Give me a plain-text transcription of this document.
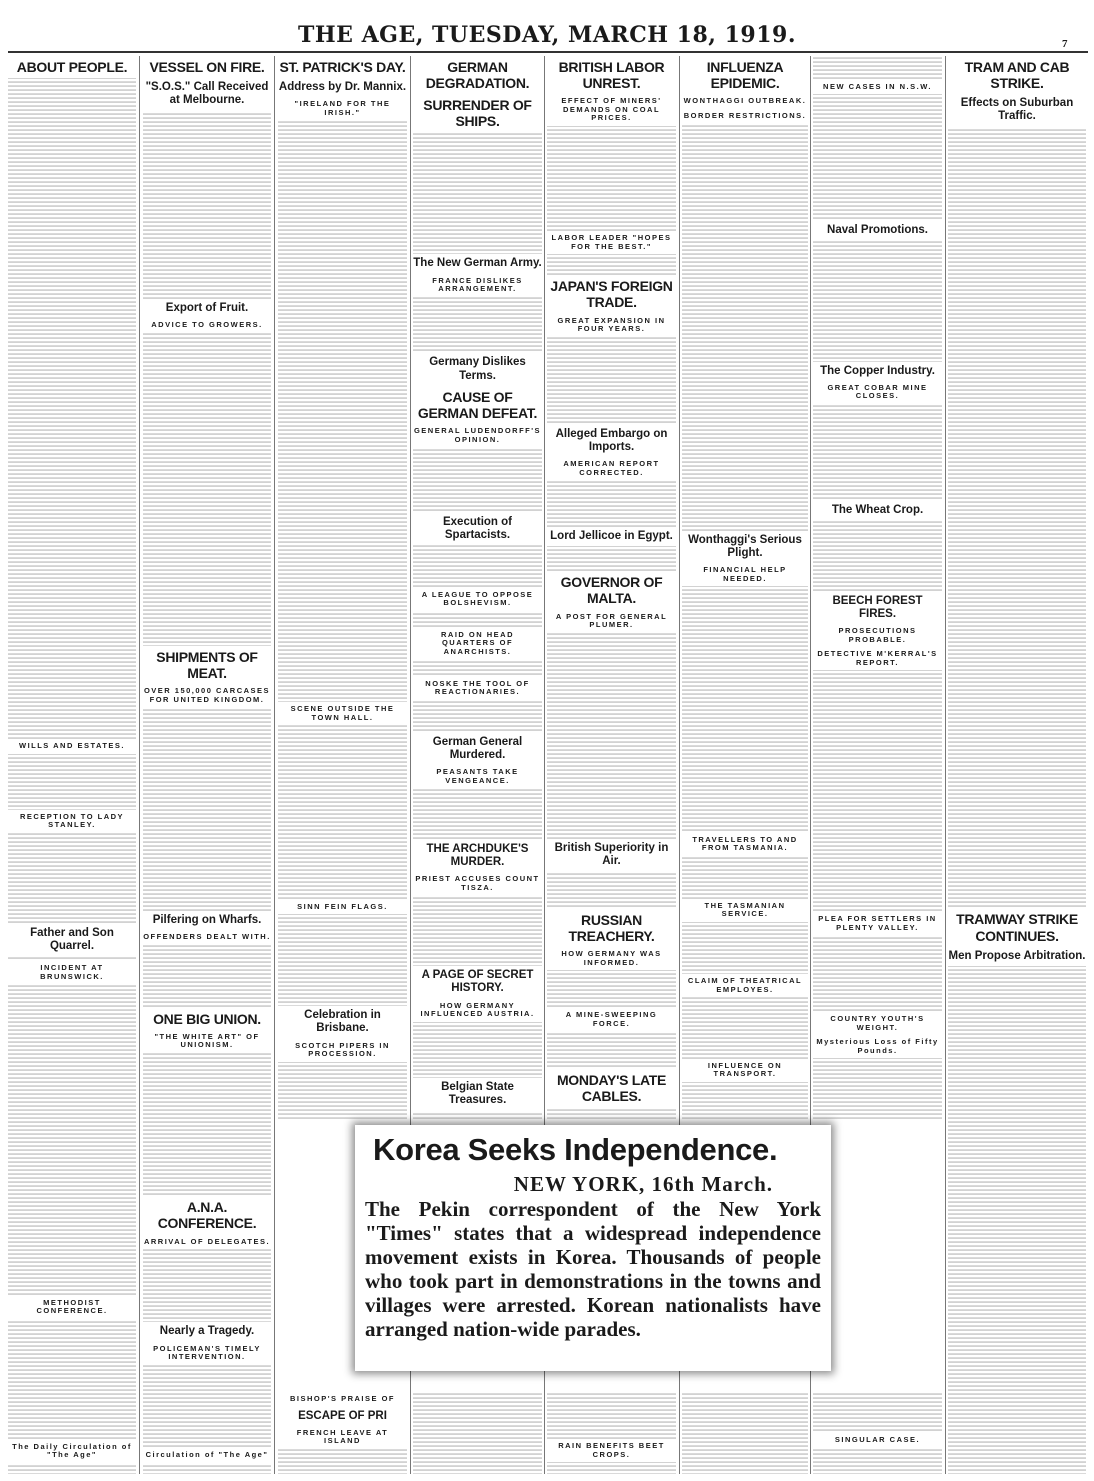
THE AGE, TUESDAY, MARCH 18, 1919.	7
ABOUT PEOPLE.
WILLS AND ESTATES.
RECEPTION TO LADY STANLEY.
Father and Son Quarrel.
INCIDENT AT BRUNSWICK.
METHODIST CONFERENCE.
The Daily Circulation of "The Age"
VESSEL ON FIRE.
"S.O.S." Call Received at Melbourne.
Export of Fruit.
ADVICE TO GROWERS.
SHIPMENTS OF MEAT.
OVER 150,000 CARCASES FOR UNITED KINGDOM.
Pilfering on Wharfs.
OFFENDERS DEALT WITH.
ONE BIG UNION.
"THE WHITE ART" OF UNIONISM.
A.N.A. CONFERENCE.
ARRIVAL OF DELEGATES.
Nearly a Tragedy.
POLICEMAN'S TIMELY INTERVENTION.
Circulation of "The Age"
ST. PATRICK'S DAY.
Address by Dr. Mannix.
"IRELAND FOR THE IRISH."
SCENE OUTSIDE THE TOWN HALL.
SINN FEIN FLAGS.
Celebration in Brisbane.
SCOTCH PIPERS IN PROCESSION.
BISHOP'S PRAISE OF
ESCAPE OF PRI
FRENCH LEAVE AT ISLAND
GERMAN DEGRADATION.
SURRENDER OF SHIPS.
The New German Army.
FRANCE DISLIKES ARRANGEMENT.
Germany Dislikes Terms.
CAUSE OF GERMAN DEFEAT.
GENERAL LUDENDORFF'S OPINION.
Execution of Spartacists.
A LEAGUE TO OPPOSE BOLSHEVISM.
RAID ON HEAD QUARTERS OF ANARCHISTS.
NOSKE THE TOOL OF REACTIONARIES.
German General Murdered.
PEASANTS TAKE VENGEANCE.
THE ARCHDUKE'S MURDER.
PRIEST ACCUSES COUNT TISZA.
A PAGE OF SECRET HISTORY.
HOW GERMANY INFLUENCED AUSTRIA.
Belgian State Treasures.
BRITISH LABOR UNREST.
EFFECT OF MINERS' DEMANDS ON COAL PRICES.
LABOR LEADER "HOPES FOR THE BEST."
JAPAN'S FOREIGN TRADE.
GREAT EXPANSION IN FOUR YEARS.
Alleged Embargo on Imports.
AMERICAN REPORT CORRECTED.
Lord Jellicoe in Egypt.
GOVERNOR OF MALTA.
A POST FOR GENERAL PLUMER.
British Superiority in Air.
RUSSIAN TREACHERY.
HOW GERMANY WAS INFORMED.
A MINE-SWEEPING FORCE.
MONDAY'S LATE CABLES.
RAIN BENEFITS BEET CROPS.
INFLUENZA EPIDEMIC.
WONTHAGGI OUTBREAK.
BORDER RESTRICTIONS.
Wonthaggi's Serious Plight.
FINANCIAL HELP NEEDED.
TRAVELLERS TO AND FROM TASMANIA.
THE TASMANIAN SERVICE.
CLAIM OF THEATRICAL EMPLOYES.
INFLUENCE ON TRANSPORT.
NEW CASES IN N.S.W.
Naval Promotions.
The Copper Industry.
GREAT COBAR MINE CLOSES.
The Wheat Crop.
BEECH FOREST FIRES.
PROSECUTIONS PROBABLE.
DETECTIVE M'KERRAL'S REPORT.
PLEA FOR SETTLERS IN PLENTY VALLEY.
COUNTRY YOUTH'S WEIGHT.
Mysterious Loss of Fifty Pounds.
SINGULAR CASE.
TRAM AND CAB STRIKE.
Effects on Suburban Traffic.
TRAMWAY STRIKE CONTINUES.
Men Propose Arbitration.
Korea Seeks Independence.
NEW YORK, 16th March.
The Pekin correspondent of the New York "Times" states that a widespread independence movement exists in Korea. Thousands of people who took part in demonstrations in the towns and villages were arrested. Korean nationalists have arranged nation-wide parades.
